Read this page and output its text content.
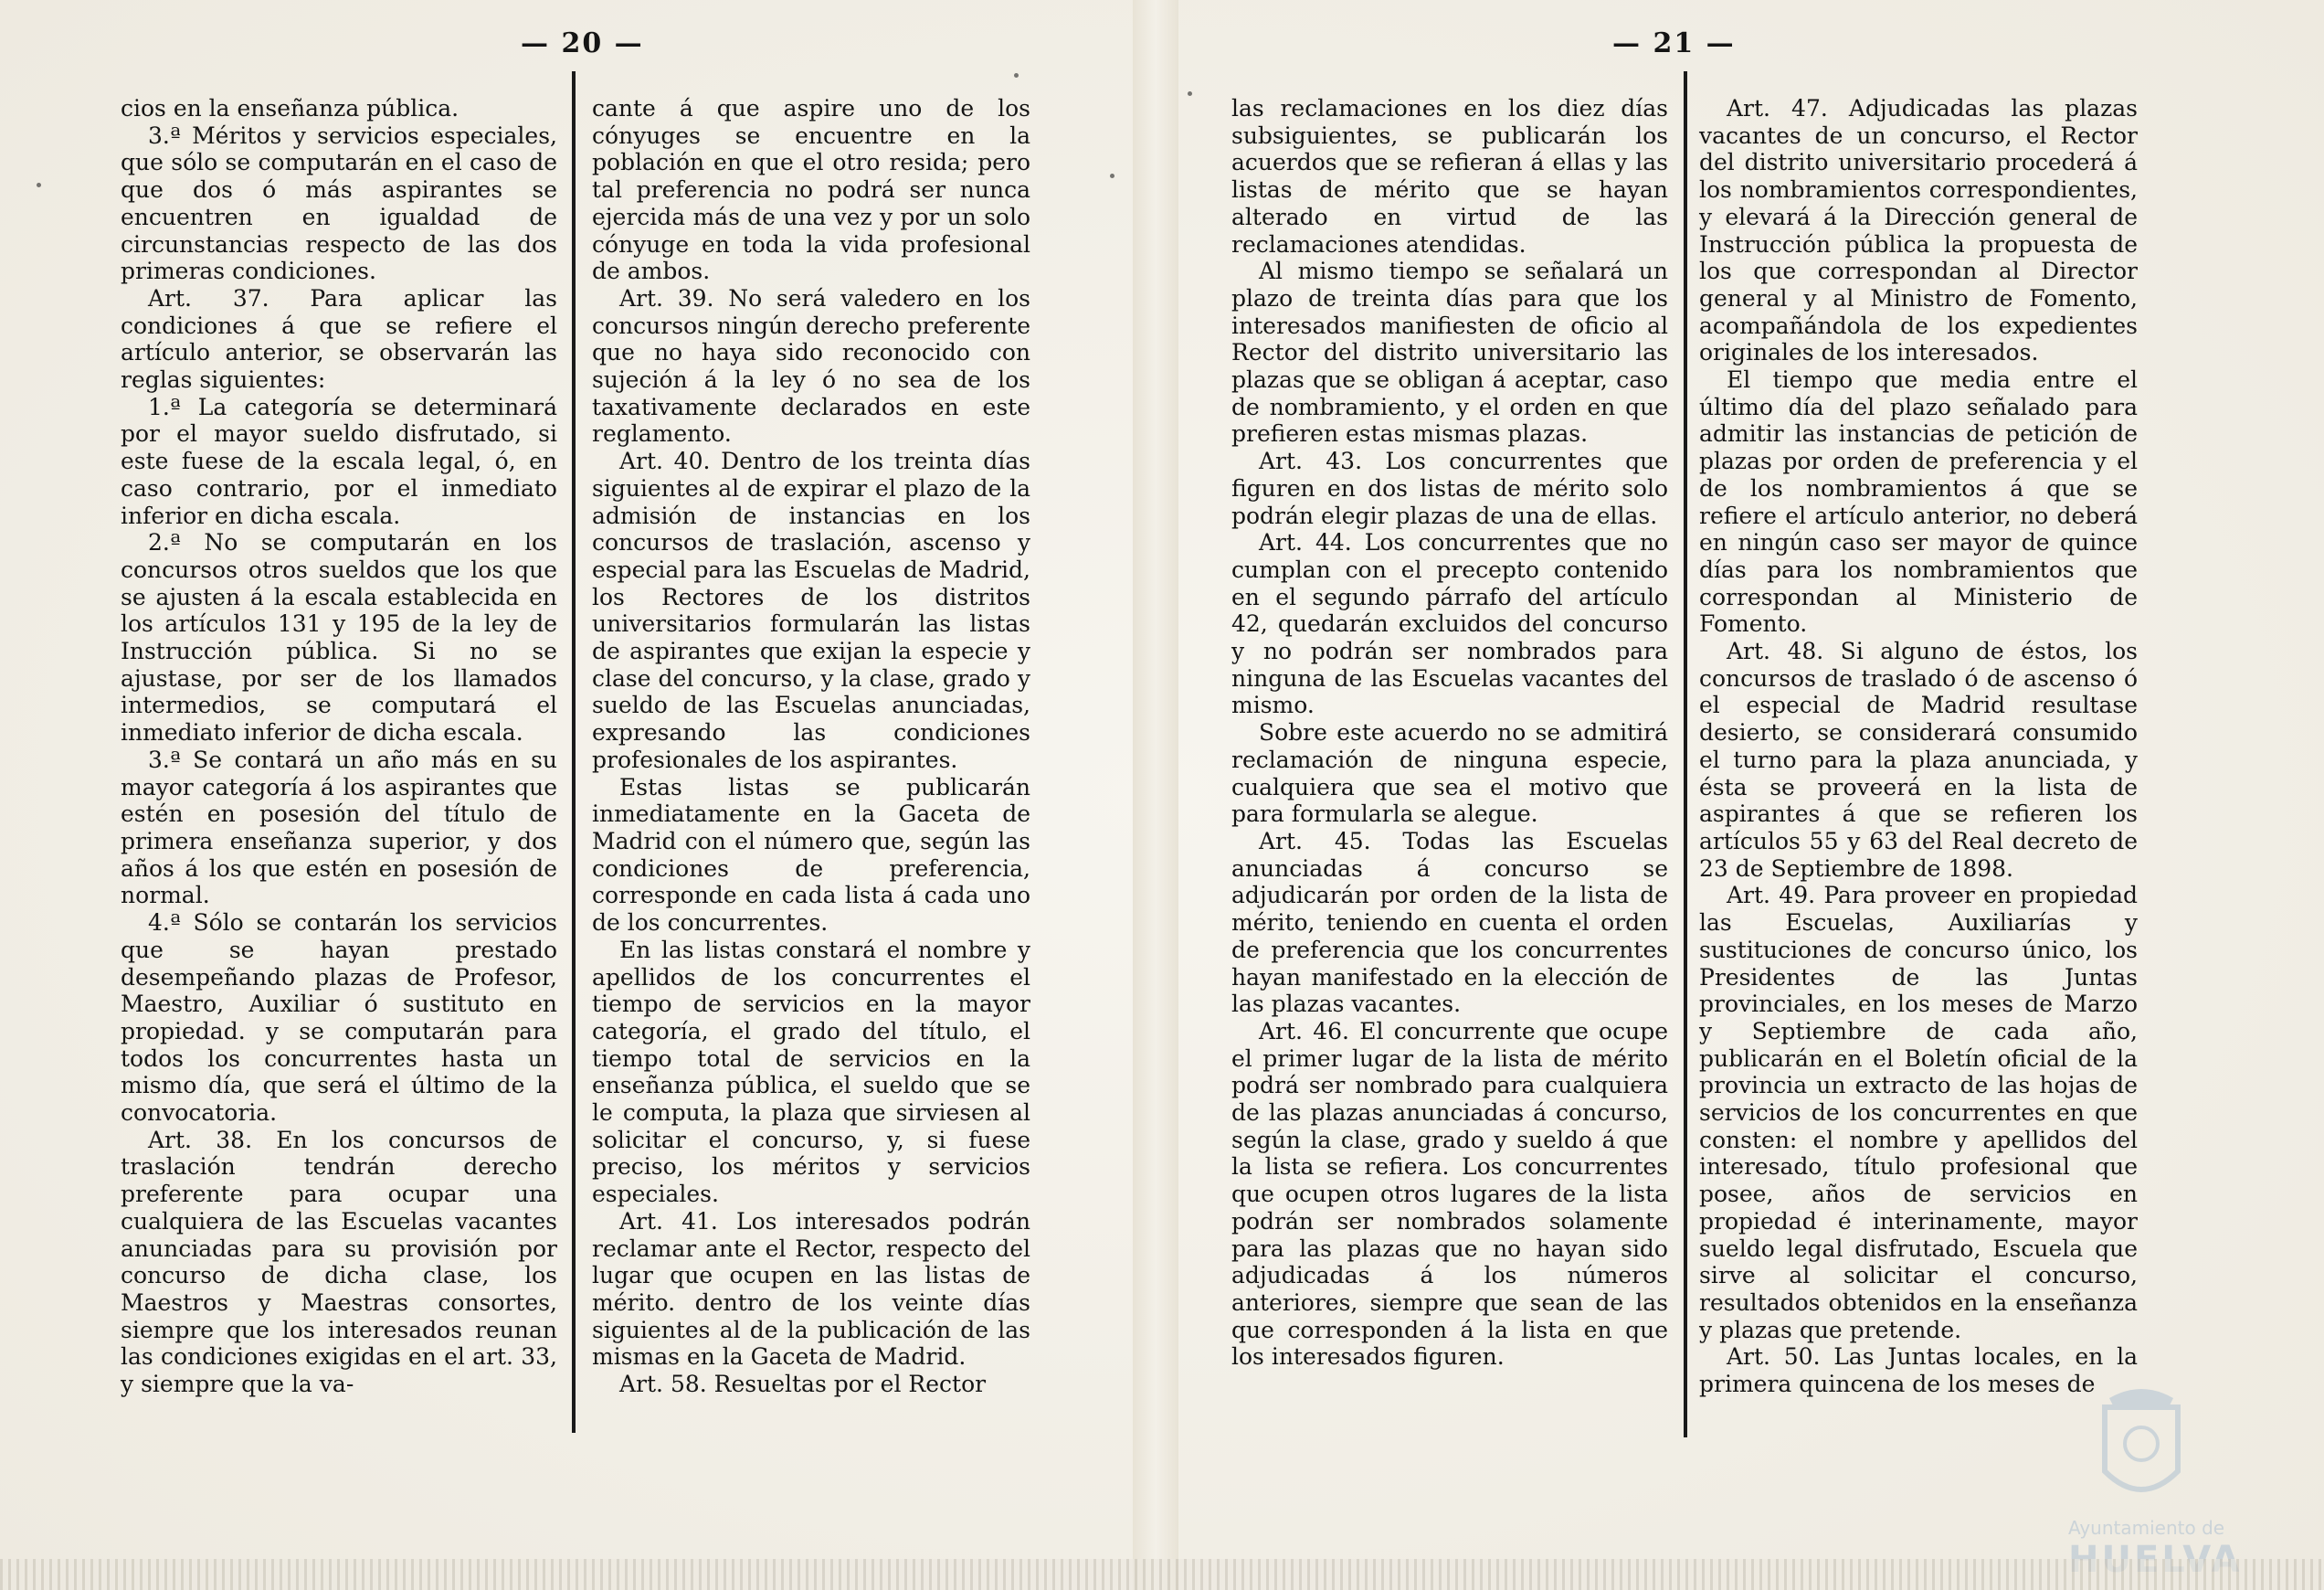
— 20 —

cios en la enseñanza pública.

3.ª Méritos y servicios especiales, que sólo se computarán en el caso de que dos ó más aspirantes se encuentren en igualdad de circunstancias respecto de las dos primeras condiciones.

Art. 37. Para aplicar las condiciones á que se refiere el artículo anterior, se observarán las reglas siguientes:

1.ª La categoría se determinará por el mayor sueldo disfrutado, si este fuese de la escala legal, ó, en caso contrario, por el inmediato inferior en dicha escala.

2.ª No se computarán en los concursos otros sueldos que los que se ajusten á la escala establecida en los artículos 131 y 195 de la ley de Instrucción pública. Si no se ajustase, por ser de los llamados intermedios, se computará el inmediato inferior de dicha escala.

3.ª Se contará un año más en su mayor categoría á los aspirantes que estén en posesión del título de primera enseñanza superior, y dos años á los que estén en posesión de normal.

4.ª Sólo se contarán los servicios que se hayan prestado desempeñando plazas de Profesor, Maestro, Auxiliar ó sustituto en propiedad. y se computarán para todos los concurrentes hasta un mismo día, que será el último de la convocatoria.

Art. 38. En los concursos de traslación tendrán derecho preferente para ocupar una cualquiera de las Escuelas vacantes anunciadas para su provisión por concurso de dicha clase, los Maestros y Maestras consortes, siempre que los interesados reunan las condiciones exigidas en el art. 33, y siempre que la va-

cante á que aspire uno de los cónyuges se encuentre en la población en que el otro resida; pero tal preferencia no podrá ser nunca ejercida más de una vez y por un solo cónyuge en toda la vida profesional de ambos.

Art. 39. No será valedero en los concursos ningún derecho preferente que no haya sido reconocido con sujeción á la ley ó no sea de los taxativamente declarados en este reglamento.

Art. 40. Dentro de los treinta días siguientes al de expirar el plazo de la admisión de instancias en los concursos de traslación, ascenso y especial para las Escuelas de Madrid, los Rectores de los distritos universitarios formularán las listas de aspirantes que exijan la especie y clase del concurso, y la clase, grado y sueldo de las Escuelas anunciadas, expresando las condiciones profesionales de los aspirantes.

Estas listas se publicarán inmediatamente en la Gaceta de Madrid con el número que, según las condiciones de preferencia, corresponde en cada lista á cada uno de los concurrentes.

En las listas constará el nombre y apellidos de los concurrentes el tiempo de servicios en la mayor categoría, el grado del título, el tiempo total de servicios en la enseñanza pública, el sueldo que se le computa, la plaza que sirviesen al solicitar el concurso, y, si fuese preciso, los méritos y servicios especiales.

Art. 41. Los interesados podrán reclamar ante el Rector, respecto del lugar que ocupen en las listas de mérito. dentro de los veinte días siguientes al de la publicación de las mismas en la Gaceta de Madrid.

Art. 58. Resueltas por el Rector

— 21 —

las reclamaciones en los diez días subsiguientes, se publicarán los acuerdos que se refieran á ellas y las listas de mérito que se hayan alterado en virtud de las reclamaciones atendidas.

Al mismo tiempo se señalará un plazo de treinta días para que los interesados manifiesten de oficio al Rector del distrito universitario las plazas que se obligan á aceptar, caso de nombramiento, y el orden en que prefieren estas mismas plazas.

Art. 43. Los concurrentes que figuren en dos listas de mérito solo podrán elegir plazas de una de ellas.

Art. 44. Los concurrentes que no cumplan con el precepto contenido en el segundo párrafo del artículo 42, quedarán excluidos del concurso y no podrán ser nombrados para ninguna de las Escuelas vacantes del mismo.

Sobre este acuerdo no se admitirá reclamación de ninguna especie, cualquiera que sea el motivo que para formularla se alegue.

Art. 45. Todas las Escuelas anunciadas á concurso se adjudicarán por orden de la lista de mérito, teniendo en cuenta el orden de preferencia que los concurrentes hayan manifestado en la elección de las plazas vacantes.

Art. 46. El concurrente que ocupe el primer lugar de la lista de mérito podrá ser nombrado para cualquiera de las plazas anunciadas á concurso, según la clase, grado y sueldo á que la lista se refiera. Los concurrentes que ocupen otros lugares de la lista podrán ser nombrados solamente para las plazas que no hayan sido adjudicadas á los números anteriores, siempre que sean de las que corresponden á la lista en que los interesados figuren.

Art. 47. Adjudicadas las plazas vacantes de un concurso, el Rector del distrito universitario procederá á los nombramientos correspondientes, y elevará á la Dirección general de Instrucción pública la propuesta de los que correspondan al Director general y al Ministro de Fomento, acompañándola de los expedientes originales de los interesados.

El tiempo que media entre el último día del plazo señalado para admitir las instancias de petición de plazas por orden de preferencia y el de los nombramientos á que se refiere el artículo anterior, no deberá en ningún caso ser mayor de quince días para los nombramientos que correspondan al Ministerio de Fomento.

Art. 48. Si alguno de éstos, los concursos de traslado ó de ascenso ó el especial de Madrid resultase desierto, se considerará consumido el turno para la plaza anunciada, y ésta se proveerá en la lista de aspirantes á que se refieren los artículos 55 y 63 del Real decreto de 23 de Septiembre de 1898.

Art. 49. Para proveer en propiedad las Escuelas, Auxiliarías y sustituciones de concurso único, los Presidentes de las Juntas provinciales, en los meses de Marzo y Septiembre de cada año, publicarán en el Boletín oficial de la provincia un extracto de las hojas de servicios de los concurrentes en que consten: el nombre y apellidos del interesado, título profesional que posee, años de servicios en propiedad é interinamente, mayor sueldo legal disfrutado, Escuela que sirve al solicitar el concurso, resultados obtenidos en la enseñanza y plazas que pretende.

Art. 50. Las Juntas locales, en la primera quincena de los meses de

Ayuntamiento de
